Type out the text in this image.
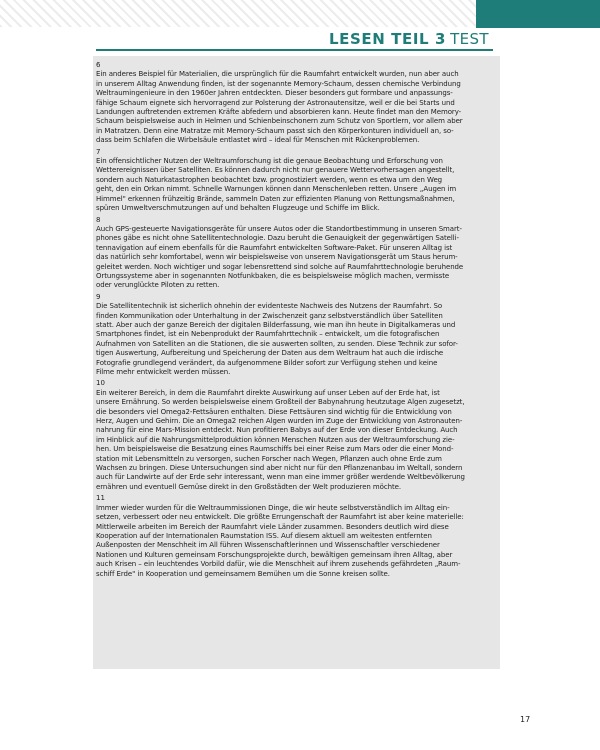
LESEN TEIL 3 TEST
6
Ein anderes Beispiel für Materialien, die ursprünglich für die Raumfahrt entwickelt wurden, nun aber auch
in unserem Alltag Anwendung finden, ist der sogenannte Memory-Schaum, dessen chemische Verbindung
Weltraumingenieure in den 1960er Jahren entdeckten. Dieser besonders gut formbare und anpassungs-
fähige Schaum eignete sich hervorragend zur Polsterung der Astronautensitze, weil er die bei Starts und
Landungen auftretenden extremen Kräfte abfedern und absorbieren kann. Heute findet man den Memory-
Schaum beispielsweise auch in Helmen und Schienbeinschonern zum Schutz von Sportlern, vor allem aber
in Matratzen. Denn eine Matratze mit Memory-Schaum passt sich den Körperkonturen individuell an, so-
dass beim Schlafen die Wirbelsäule entlastet wird – ideal für Menschen mit Rückenproblemen.
7
Ein offensichtlicher Nutzen der Weltraumforschung ist die genaue Beobachtung und Erforschung von
Wetterereignissen über Satelliten. Es können dadurch nicht nur genauere Wettervorhersagen angestellt,
sondern auch Naturkatastrophen beobachtet bzw. prognostiziert werden, wenn es etwa um den Weg
geht, den ein Orkan nimmt. Schnelle Warnungen können dann Menschenleben retten. Unsere „Augen im
Himmel" erkennen frühzeitig Brände, sammeln Daten zur effizienten Planung von Rettungsmaßnahmen,
spüren Umweltverschmutzungen auf und behalten Flugzeuge und Schiffe im Blick.
8
Auch GPS-gesteuerte Navigationsgeräte für unsere Autos oder die Standortbestimmung in unseren Smart-
phones gäbe es nicht ohne Satellitentechnologie. Dazu beruht die Genauigkeit der gegenwärtigen Satelli-
tennavigation auf einem ebenfalls für die Raumfahrt entwickelten Software-Paket. Für unseren Alltag ist
das natürlich sehr komfortabel, wenn wir beispielsweise von unserem Navigationsgerät um Staus herum-
geleitet werden. Noch wichtiger und sogar lebensrettend sind solche auf Raumfahrttechnologie beruhende
Ortungssysteme aber in sogenannten Notfunkbaken, die es beispielsweise möglich machen, vermisste
oder verunglückte Piloten zu retten.
9
Die Satellitentechnik ist sicherlich ohnehin der evidenteste Nachweis des Nutzens der Raumfahrt. So
finden Kommunikation oder Unterhaltung in der Zwischenzeit ganz selbstverständlich über Satelliten
statt. Aber auch der ganze Bereich der digitalen Bilderfassung, wie man ihn heute in Digitalkameras und
Smartphones findet, ist ein Nebenprodukt der Raumfahrttechnik – entwickelt, um die fotografischen
Aufnahmen von Satelliten an die Stationen, die sie auswerten sollten, zu senden. Diese Technik zur sofor-
tigen Auswertung, Aufbereitung und Speicherung der Daten aus dem Weltraum hat auch die irdische
Fotografie grundlegend verändert, da aufgenommene Bilder sofort zur Verfügung stehen und keine
Filme mehr entwickelt werden müssen.
10
Ein weiterer Bereich, in dem die Raumfahrt direkte Auswirkung auf unser Leben auf der Erde hat, ist
unsere Ernährung. So werden beispielsweise einem Großteil der Babynahrung heutzutage Algen zugesetzt,
die besonders viel Omega2-Fettsäuren enthalten. Diese Fettsäuren sind wichtig für die Entwicklung von
Herz, Augen und Gehirn. Die an Omega2 reichen Algen wurden im Zuge der Entwicklung von Astronauten-
nahrung für eine Mars-Mission entdeckt. Nun profitieren Babys auf der Erde von dieser Entdeckung. Auch
im Hinblick auf die Nahrungsmittelproduktion können Menschen Nutzen aus der Weltraumforschung zie-
hen. Um beispielsweise die Besatzung eines Raumschiffs bei einer Reise zum Mars oder die einer Mond-
station mit Lebensmitteln zu versorgen, suchen Forscher nach Wegen, Pflanzen auch ohne Erde zum
Wachsen zu bringen. Diese Untersuchungen sind aber nicht nur für den Pflanzenanbau im Weltall, sondern
auch für Landwirte auf der Erde sehr interessant, wenn man eine immer größer werdende Weltbevölkerung
ernähren und eventuell Gemüse direkt in den Großstädten der Welt produzieren möchte.
11
Immer wieder wurden für die Weltraummissionen Dinge, die wir heute selbstverständlich im Alltag ein-
setzen, verbessert oder neu entwickelt. Die größte Errungenschaft der Raumfahrt ist aber keine materielle:
Mittlerweile arbeiten im Bereich der Raumfahrt viele Länder zusammen. Besonders deutlich wird diese
Kooperation auf der Internationalen Raumstation ISS. Auf diesem aktuell am weitesten entfernten
Außenposten der Menschheit im All führen Wissenschaftlerinnen und Wissenschaftler verschiedener
Nationen und Kulturen gemeinsam Forschungsprojekte durch, bewältigen gemeinsam ihren Alltag, aber
auch Krisen – ein leuchtendes Vorbild dafür, wie die Menschheit auf ihrem zusehends gefährdeten „Raum-
schiff Erde" in Kooperation und gemeinsamem Bemühen um die Sonne kreisen sollte.
17
